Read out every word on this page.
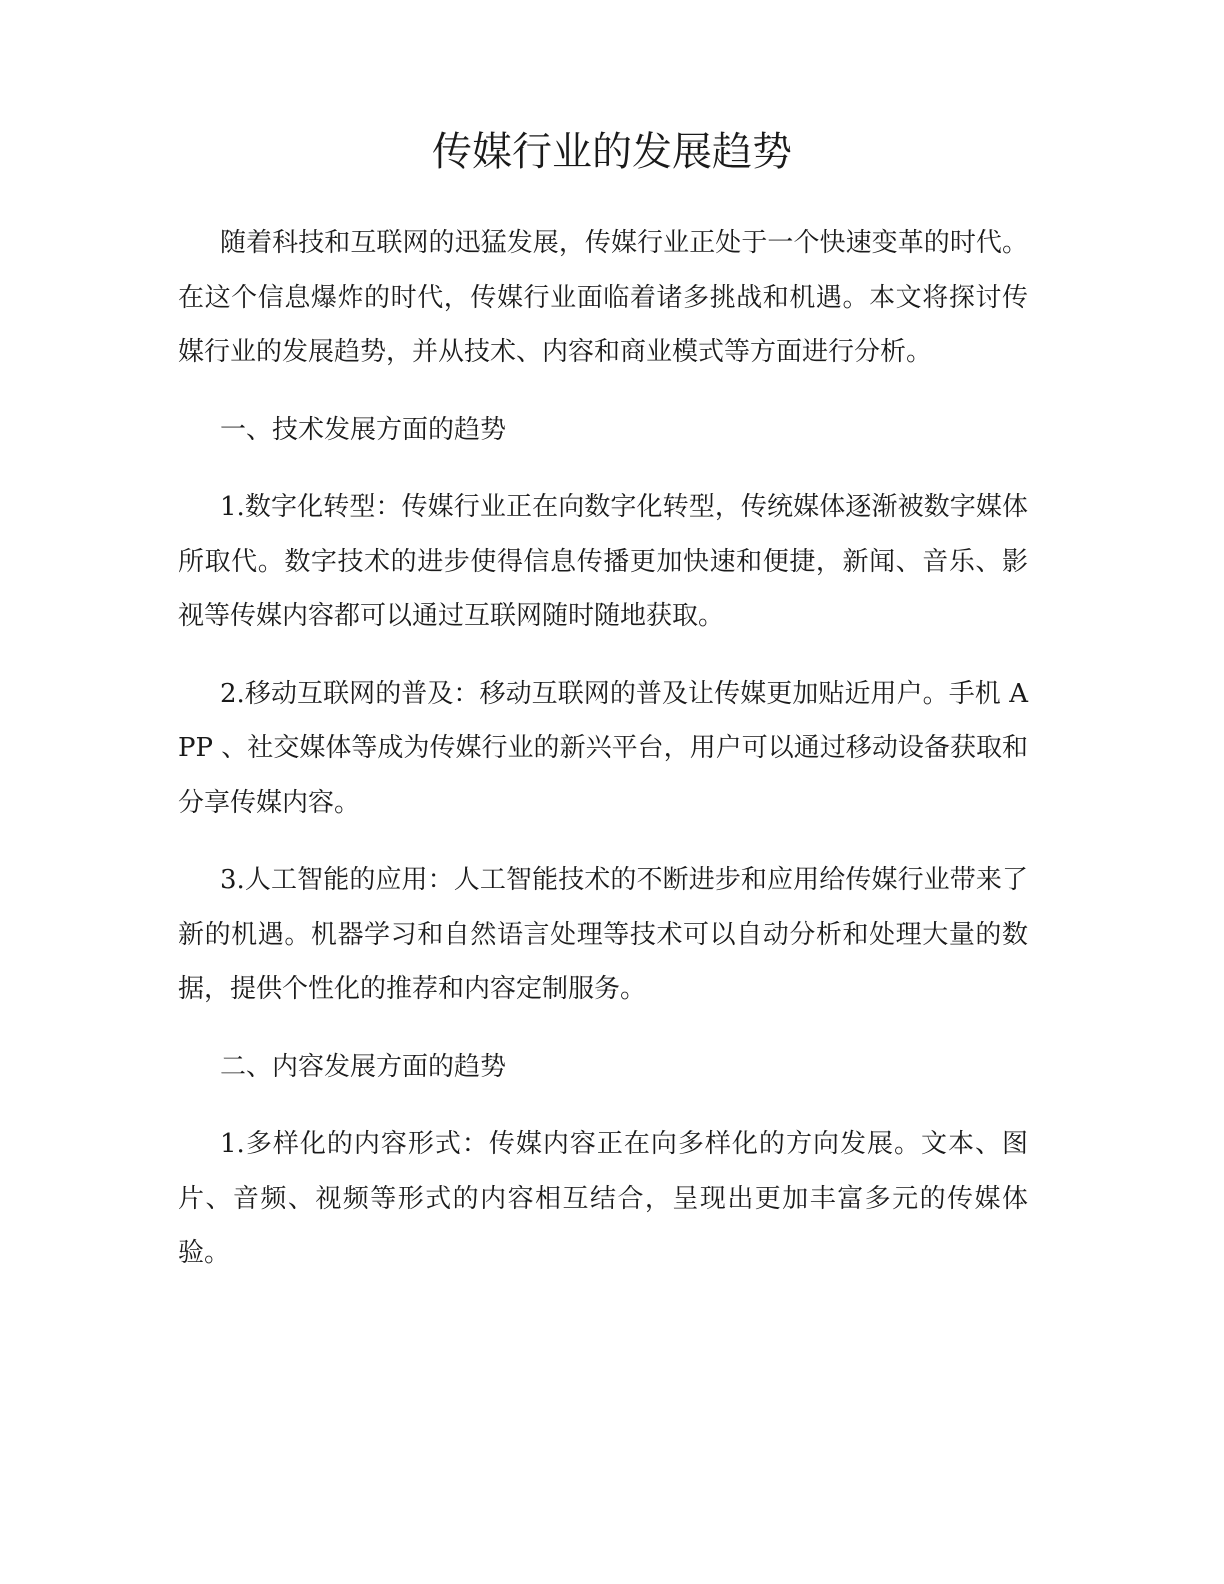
传媒行业的发展趋势

随着科技和互联网的迅猛发展，传媒行业正处于一个快速变革的时代。在这个信息爆炸的时代，传媒行业面临着诸多挑战和机遇。本文将探讨传媒行业的发展趋势，并从技术、内容和商业模式等方面进行分析。

一、技术发展方面的趋势

1.数字化转型：传媒行业正在向数字化转型，传统媒体逐渐被数字媒体所取代。数字技术的进步使得信息传播更加快速和便捷，新闻、音乐、影视等传媒内容都可以通过互联网随时随地获取。

2.移动互联网的普及：移动互联网的普及让传媒更加贴近用户。手机 APP 、社交媒体等成为传媒行业的新兴平台，用户可以通过移动设备获取和分享传媒内容。

3.人工智能的应用：人工智能技术的不断进步和应用给传媒行业带来了新的机遇。机器学习和自然语言处理等技术可以自动分析和处理大量的数据，提供个性化的推荐和内容定制服务。

二、内容发展方面的趋势

1.多样化的内容形式：传媒内容正在向多样化的方向发展。文本、图片、音频、视频等形式的内容相互结合，呈现出更加丰富多元的传媒体验。
